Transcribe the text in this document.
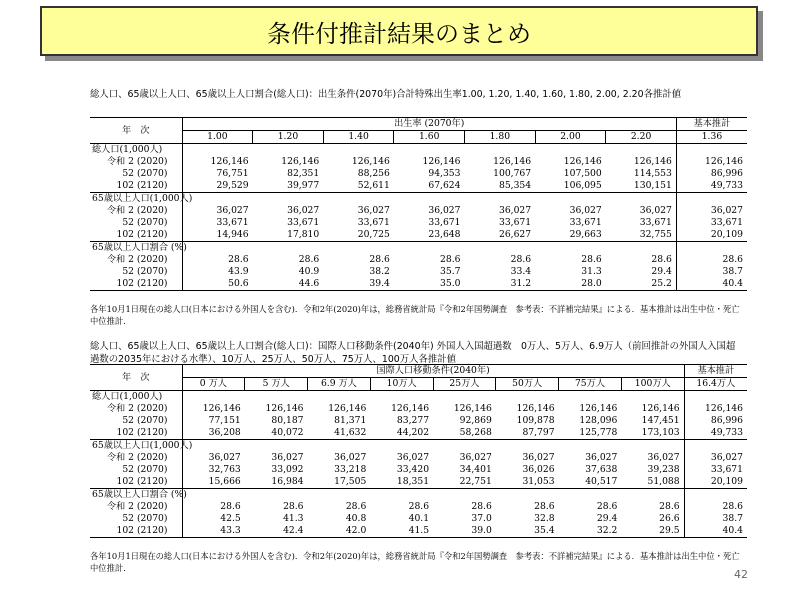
条件付推計結果のまとめ
総人口、65歳以上人口、65歳以上人口割合(総人口)：出生条件(2070年)合計特殊出生率1.00, 1.20, 1.40, 1.60, 1.80, 2.00, 2.20各推計値
年　次	出生率 (2070年)							基本推計
	1.00	1.20	1.40	1.60	1.80	2.00	2.20	1.36
総人口(1,000人)								
令和 2 (2020)	126,146	126,146	126,146	126,146	126,146	126,146	126,146	126,146
52 (2070)	76,751	82,351	88,256	94,353	100,767	107,500	114,553	86,996
102 (2120)	29,529	39,977	52,611	67,624	85,354	106,095	130,151	49,733
65歳以上人口(1,000人)								
令和 2 (2020)	36,027	36,027	36,027	36,027	36,027	36,027	36,027	36,027
52 (2070)	33,671	33,671	33,671	33,671	33,671	33,671	33,671	33,671
102 (2120)	14,946	17,810	20,725	23,648	26,627	29,663	32,755	20,109
65歳以上人口割合 (%)								
令和 2 (2020)	28.6	28.6	28.6	28.6	28.6	28.6	28.6	28.6
52 (2070)	43.9	40.9	38.2	35.7	33.4	31.3	29.4	38.7
102 (2120)	50.6	44.6	39.4	35.0	31.2	28.0	25.2	40.4
各年10月1日現在の総人口(日本における外国人を含む)．令和2年(2020)年は，総務省統計局『令和2年国勢調査　参考表：不詳補完結果』による．基本推計は出生中位・死亡中位推計．
総人口、65歳以上人口、65歳以上人口割合(総人口)：国際人口移動条件(2040年) 外国人入国超過数　0万人、5万人、6.9万人（前回推計の外国人入国超過数の2035年における水準）、10万人、25万人、50万人、75万人、100万人各推計値
年　次	国際人口移動条件(2040年)								基本推計
	0 万人	5 万人	6.9 万人	10万人	25万人	50万人	75万人	100万人	16.4万人
総人口(1,000人)									
令和 2 (2020)	126,146	126,146	126,146	126,146	126,146	126,146	126,146	126,146	126,146
52 (2070)	77,151	80,187	81,371	83,277	92,869	109,878	128,096	147,451	86,996
102 (2120)	36,208	40,072	41,632	44,202	58,268	87,797	125,778	173,103	49,733
65歳以上人口(1,000人)									
令和 2 (2020)	36,027	36,027	36,027	36,027	36,027	36,027	36,027	36,027	36,027
52 (2070)	32,763	33,092	33,218	33,420	34,401	36,026	37,638	39,238	33,671
102 (2120)	15,666	16,984	17,505	18,351	22,751	31,053	40,517	51,088	20,109
65歳以上人口割合 (%)									
令和 2 (2020)	28.6	28.6	28.6	28.6	28.6	28.6	28.6	28.6	28.6
52 (2070)	42.5	41.3	40.8	40.1	37.0	32.8	29.4	26.6	38.7
102 (2120)	43.3	42.4	42.0	41.5	39.0	35.4	32.2	29.5	40.4
各年10月1日現在の総人口(日本における外国人を含む)．令和2年(2020)年は，総務省統計局『令和2年国勢調査　参考表：不詳補完結果』による．基本推計は出生中位・死亡中位推計．	42
